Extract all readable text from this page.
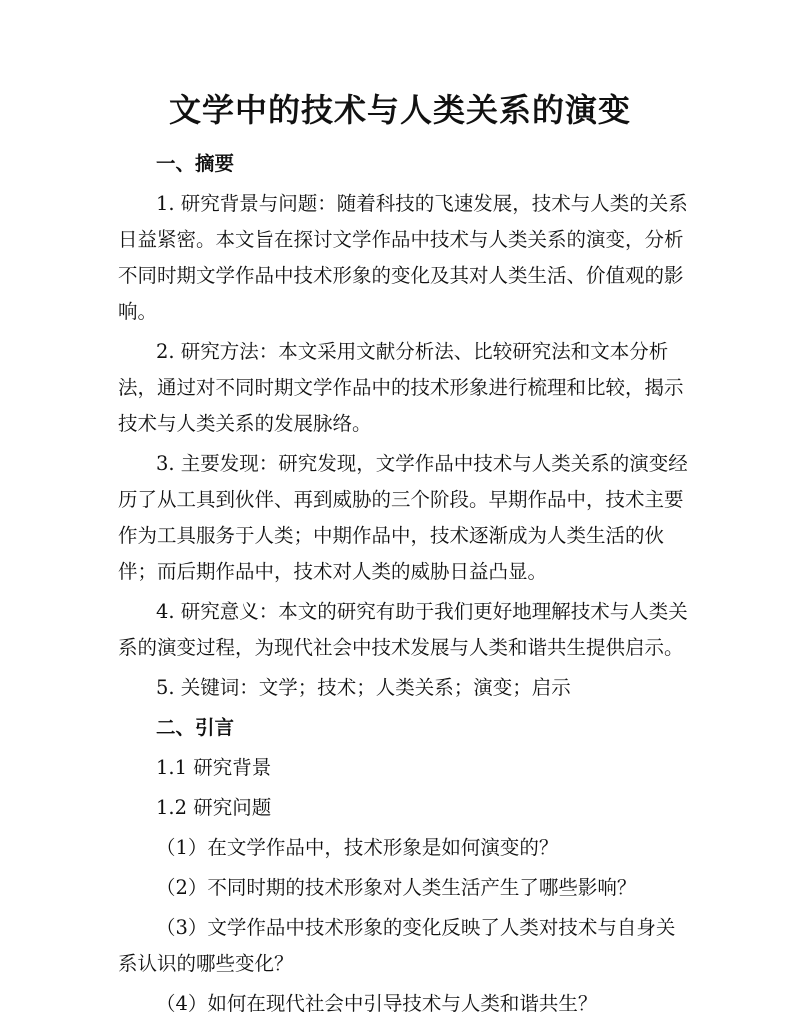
文学中的技术与人类关系的演变

一、摘要

1. 研究背景与问题：随着科技的飞速发展，技术与人类的关系日益紧密。本文旨在探讨文学作品中技术与人类关系的演变，分析不同时期文学作品中技术形象的变化及其对人类生活、价值观的影响。

2. 研究方法：本文采用文献分析法、比较研究法和文本分析法，通过对不同时期文学作品中的技术形象进行梳理和比较，揭示技术与人类关系的发展脉络。

3. 主要发现：研究发现，文学作品中技术与人类关系的演变经历了从工具到伙伴、再到威胁的三个阶段。早期作品中，技术主要作为工具服务于人类；中期作品中，技术逐渐成为人类生活的伙伴；而后期作品中，技术对人类的威胁日益凸显。

4. 研究意义：本文的研究有助于我们更好地理解技术与人类关系的演变过程，为现代社会中技术发展与人类和谐共生提供启示。

5. 关键词：文学；技术；人类关系；演变；启示

二、引言

1.1 研究背景

1.2 研究问题

（1）在文学作品中，技术形象是如何演变的？

（2）不同时期的技术形象对人类生活产生了哪些影响？

（3）文学作品中技术形象的变化反映了人类对技术与自身关系认识的哪些变化？

（4）如何在现代社会中引导技术与人类和谐共生？
